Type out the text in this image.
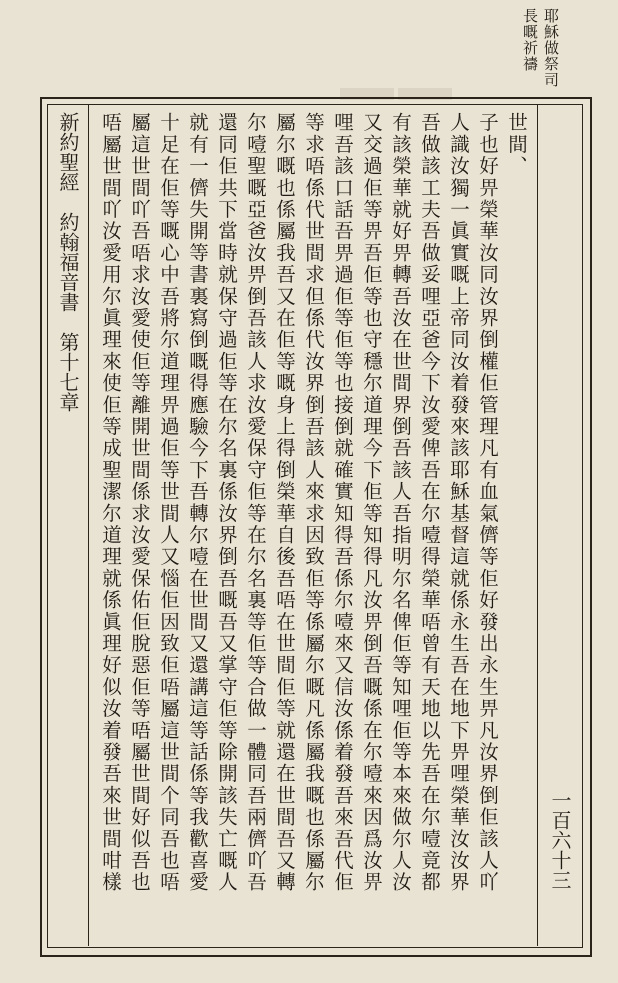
耶穌做祭司
長嘅祈禱
新約聖經　約翰福音書　第十七章
一百六十三
世間、
子也好畀榮華汝同汝界倒權佢管理凡有血氣儕等佢好發出永生畀凡汝界倒佢該人吖
人識汝獨一眞實嘅上帝同汝着發來該耶穌基督這就係永生吾在地下畀哩榮華汝汝界
吾做該工夫吾做妥哩亞爸今下汝愛俾吾在尔噎得榮華唔曾有天地以先吾在尔噎竟都
有該榮華就好畀轉吾汝在世間界倒吾該人吾指明尔名俾佢等知哩佢等本來做尔人汝
又交過佢等畀吾佢等也守穩尔道理今下佢等知得凡汝畀倒吾嘅係在尔噎來因爲汝畀
哩吾該口話吾畀過佢等佢等也接倒就確實知得吾係尔噎來又信汝係着發吾來吾代佢
等求唔係代世間求但係代汝界倒吾該人來求因致佢等係屬尔嘅凡係屬我嘅也係屬尔
屬尔嘅也係屬我吾又在佢等嘅身上得倒榮華自後吾唔在世間佢等就還在世間吾又轉
尔噎聖嘅亞爸汝畀倒吾該人求汝愛保守佢等在尔名裏等佢等合做一體同吾兩儕吖吾
還同佢共下當時就保守過佢等在尔名裏係汝界倒吾嘅吾又掌守佢等除開該失亡嘅人
就有一儕失開等書裏寫倒嘅得應驗今下吾轉尔噎在世間又還講這等話係等我歡喜愛
十足在佢等嘅心中吾將尔道理畀過佢等世間人又惱佢因致佢唔屬這世間个同吾也唔
屬這世間吖吾唔求汝愛使佢等離開世間係求汝愛保佑佢脫惡佢等唔屬世間好似吾也
唔屬世間吖汝愛用尔眞理來使佢等成聖潔尔道理就係眞理好似汝着發吾來世間咁樣
